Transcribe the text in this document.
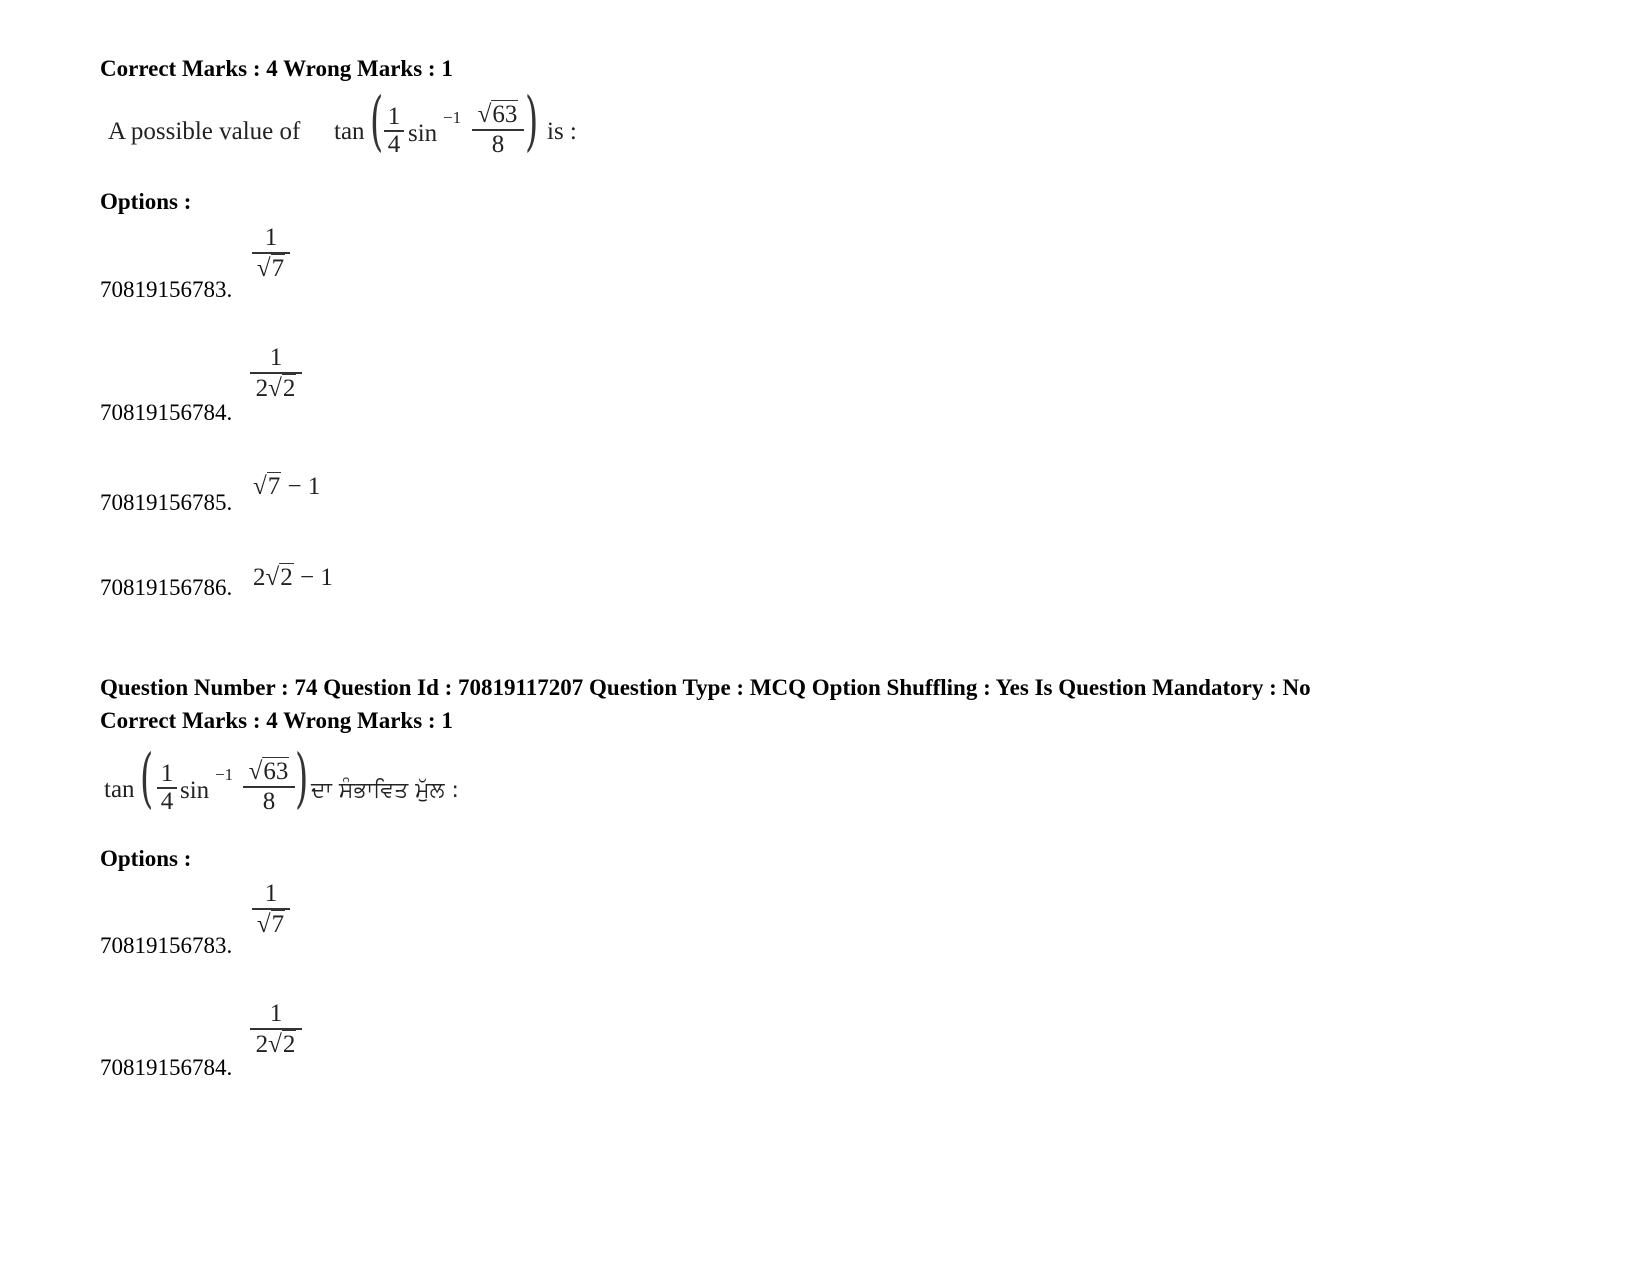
Correct Marks : 4 Wrong Marks : 1
A possible value of tan ( 1
4 sin
−1 √63
8 ) is :
Options :
70819156783.
1
√7
70819156784.
1
2√2
70819156785.
√7 − 1
70819156786. 2√2 − 1
Question Number : 74 Question Id : 70819117207 Question Type : MCQ Option Shuffling : Yes Is Question Mandatory : No
Correct Marks : 4 Wrong Marks : 1
tan ( 1
4 sin
−1 √63
8 ) ਦਾ ਸੰਭਾਵਿਤ ਮੁੱਲ :
Options :
70819156783.
1
√7
70819156784.
1
2√2
